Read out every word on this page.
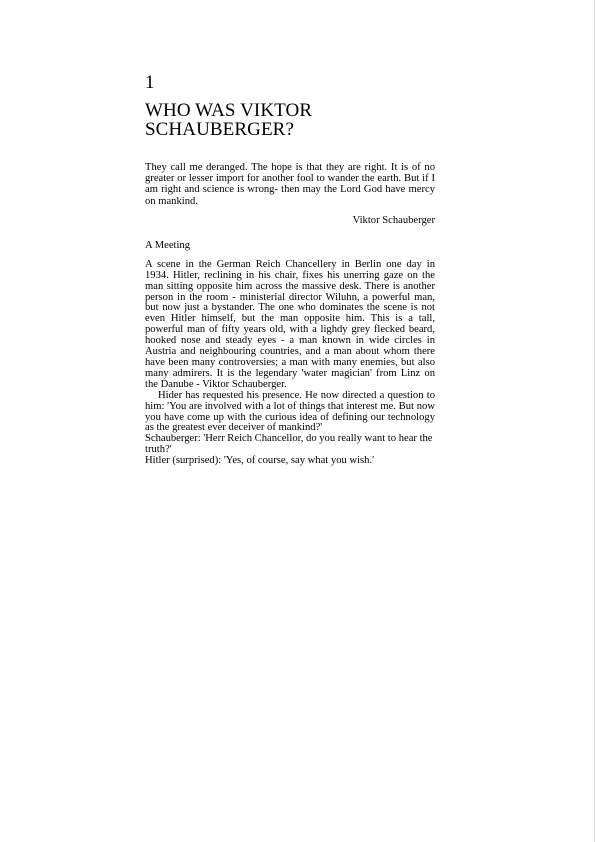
1
WHO WAS VIKTOR
SCHAUBERGER?

They call me deranged. The hope is that they are right. It is of no greater or lesser import for another fool to wander the earth. But if I am right and science is wrong- then may the Lord God have mercy on mankind.

Viktor Schauberger

A Meeting

A scene in the German Reich Chancellery in Berlin one day in 1934. Hitler, reclining in his chair, fixes his unerring gaze on the man sitting opposite him across the massive desk. There is another person in the room - ministerial director Wiluhn, a powerful man, but now just a bystander. The one who dominates the scene is not even Hitler himself, but the man opposite him. This is a tall, powerful man of fifty years old, with a lighdy grey flecked beard, hooked nose and steady eyes - a man known in wide circles in Austria and neighbouring countries, and a man about whom there have been many controversies; a man with many enemies, but also many admirers. It is the legendary 'water magician' from Linz on the Danube - Viktor Schauberger.

Hider has requested his presence. He now directed a question to him: 'You are involved with a lot of things that interest me. But now you have come up with the curious idea of defining our technology as the greatest ever deceiver of mankind?'

Schauberger: 'Herr Reich Chancellor, do you really want to hear the truth?'

Hitler (surprised): 'Yes, of course, say what you wish.'
